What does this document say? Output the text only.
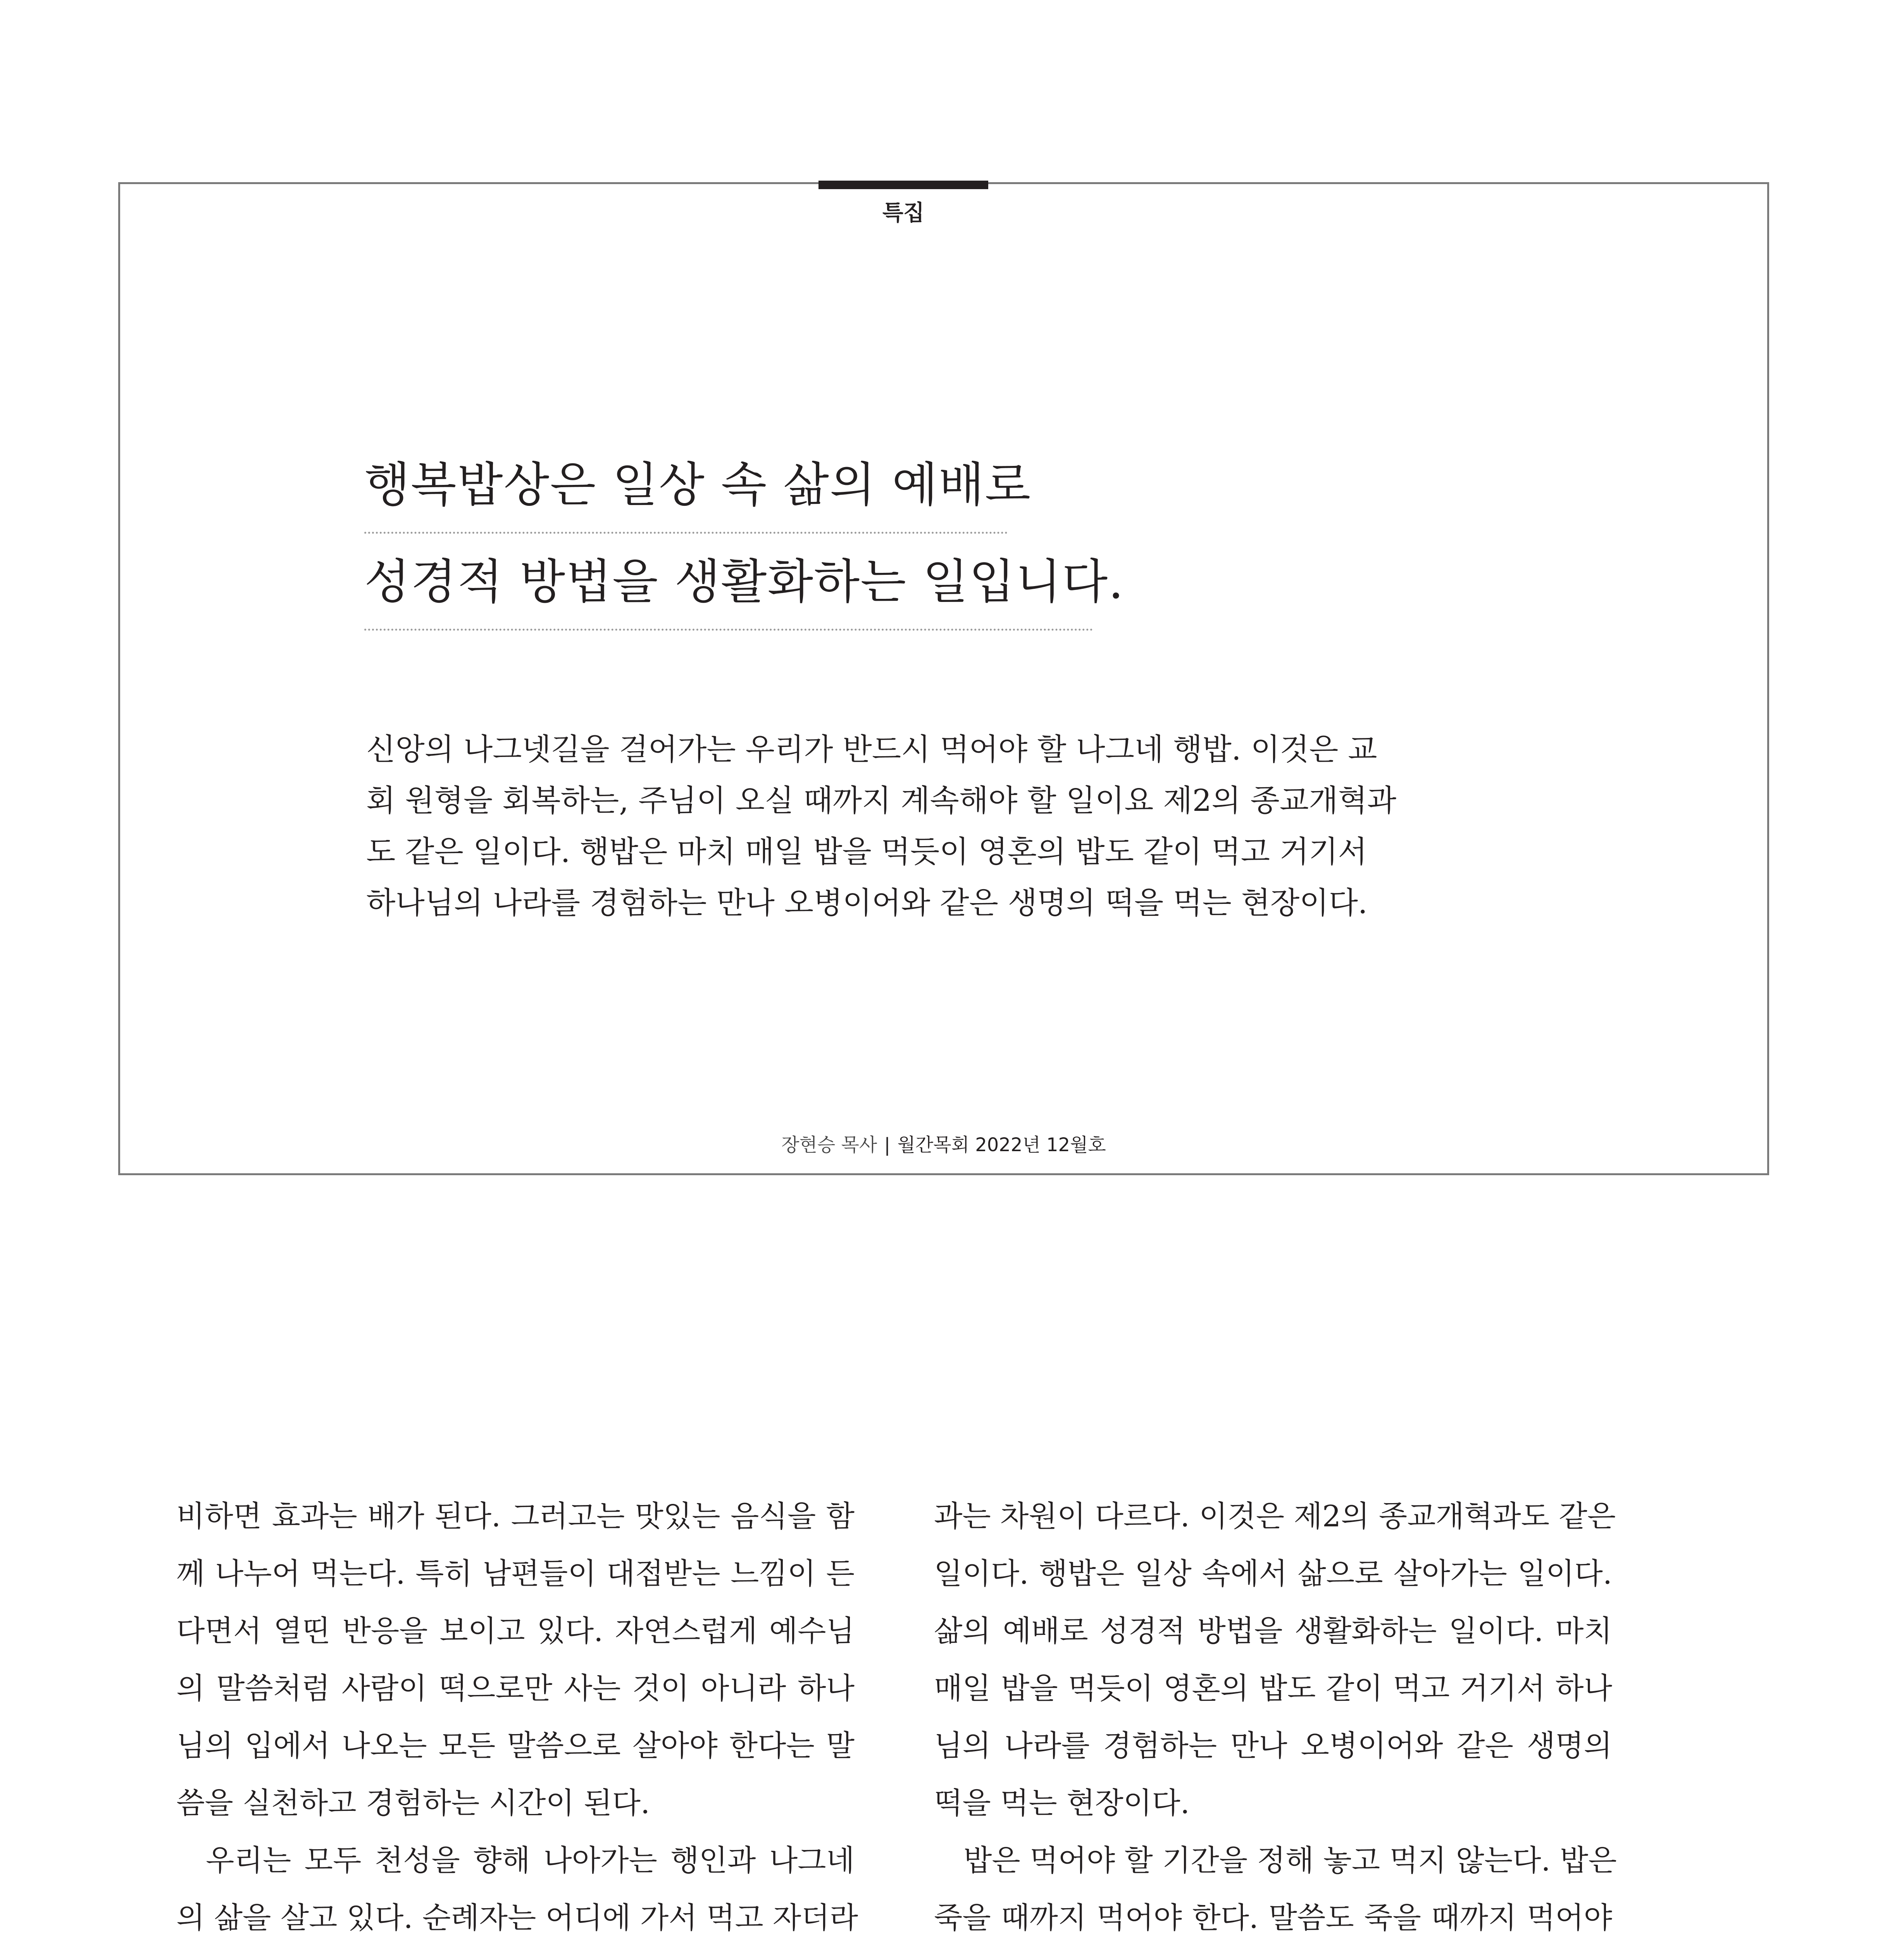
특집
행복밥상은 일상 속 삶의 예배로
성경적 방법을 생활화하는 일입니다.
신앙의 나그넷길을 걸어가는 우리가 반드시 먹어야 할 나그네 행밥. 이것은 교
회 원형을 회복하는, 주님이 오실 때까지 계속해야 할 일이요 제2의 종교개혁과
도 같은 일이다. 행밥은 마치 매일 밥을 먹듯이 영혼의 밥도 같이 먹고 거기서
하나님의 나라를 경험하는 만나 오병이어와 같은 생명의 떡을 먹는 현장이다.
장현승 목사 | 월간목회 2022년 12월호
비하면 효과는 배가 된다. 그러고는 맛있는 음식을 함
께 나누어 먹는다. 특히 남편들이 대접받는 느낌이 든
다면서 열띤 반응을 보이고 있다. 자연스럽게 예수님
의 말씀처럼 사람이 떡으로만 사는 것이 아니라 하나
님의 입에서 나오는 모든 말씀으로 살아야 한다는 말
씀을 실천하고 경험하는 시간이 된다.
우리는 모두 천성을 향해 나아가는 행인과 나그네
의 삶을 살고 있다. 순례자는 어디에 가서 먹고 자더라
과는 차원이 다르다. 이것은 제2의 종교개혁과도 같은
일이다. 행밥은 일상 속에서 삶으로 살아가는 일이다.
삶의 예배로 성경적 방법을 생활화하는 일이다. 마치
매일 밥을 먹듯이 영혼의 밥도 같이 먹고 거기서 하나
님의 나라를 경험하는 만나 오병이어와 같은 생명의
떡을 먹는 현장이다.
밥은 먹어야 할 기간을 정해 놓고 먹지 않는다. 밥은
죽을 때까지 먹어야 한다. 말씀도 죽을 때까지 먹어야
